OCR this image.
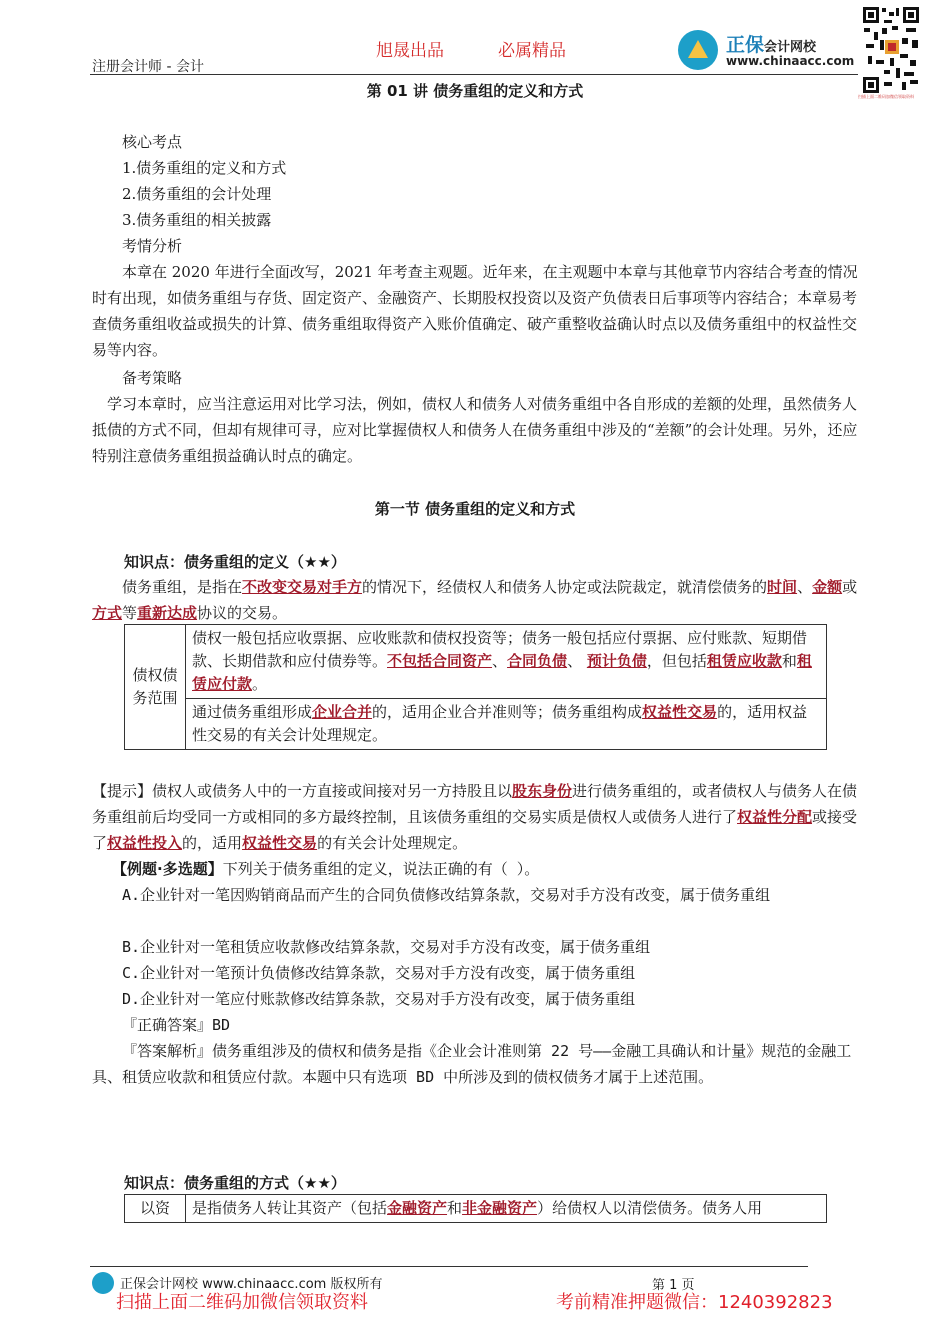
注册会计师 - 会计
旭晟出品	必属精品	正保会计网校
www.chinaacc.com
扫描上面二维码加微信领取资料
第 01 讲 债务重组的定义和方式
核心考点
1.债务重组的定义和方式
2.债务重组的会计处理
3.债务重组的相关披露
考情分析
本章在 2020 年进行全面改写，2021 年考查主观题。近年来，在主观题中本章与其他章节内容结合考查的情况时有出现，如债务重组与存货、固定资产、金融资产、长期股权投资以及资产负债表日后事项等内容结合；本章易考查债务重组收益或损失的计算、债务重组取得资产入账价值确定、破产重整收益确认时点以及债务重组中的权益性交易等内容。
备考策略
学习本章时，应当注意运用对比学习法，例如，债权人和债务人对债务重组中各自形成的差额的处理，虽然债务人抵债的方式不同，但却有规律可寻，应对比掌握债权人和债务人在债务重组中涉及的“差额”的会计处理。另外，还应特别注意债务重组损益确认时点的确定。
第一节 债务重组的定义和方式
知识点：债务重组的定义（★★）
债务重组，是指在不改变交易对手方的情况下，经债权人和债务人协定或法院裁定，就清偿债务的时间、金额或方式等重新达成协议的交易。
债权债务范围	债权一般包括应收票据、应收账款和债权投资等；债务一般包括应付票据、应付账款、短期借款、长期借款和应付债券等。不包括合同资产、合同负债、 预计负债，但包括租赁应收款和租赁应付款。
通过债务重组形成企业合并的，适用企业合并准则等；债务重组构成权益性交易的，适用权益性交易的有关会计处理规定。
【提示】债权人或债务人中的一方直接或间接对另一方持股且以股东身份进行债务重组的，或者债权人与债务人在债务重组前后均受同一方或相同的多方最终控制，且该债务重组的交易实质是债权人或债务人进行了权益性分配或接受了权益性投入的，适用权益性交易的有关会计处理规定。
【例题·多选题】下列关于债务重组的定义，说法正确的有（ ）。
A.企业针对一笔因购销商品而产生的合同负债修改结算条款，交易对手方没有改变，属于债务重组
B.企业针对一笔租赁应收款修改结算条款，交易对手方没有改变，属于债务重组
C.企业针对一笔预计负债修改结算条款，交易对手方没有改变，属于债务重组
D.企业针对一笔应付账款修改结算条款，交易对手方没有改变，属于债务重组
『正确答案』BD
『答案解析』债务重组涉及的债权和债务是指《企业会计准则第 22 号——金融工具确认和计量》规范的金融工具、租赁应收款和租赁应付款。本题中只有选项 BD 中所涉及到的债权债务才属于上述范围。
知识点：债务重组的方式（★★）
以资	是指债务人转让其资产（包括金融资产和非金融资产）给债权人以清偿债务。债务人用
正保会计网校 www.chinaacc.com 版权所有	第 1 页
扫描上面二维码加微信领取资料	考前精准押题微信：1240392823
